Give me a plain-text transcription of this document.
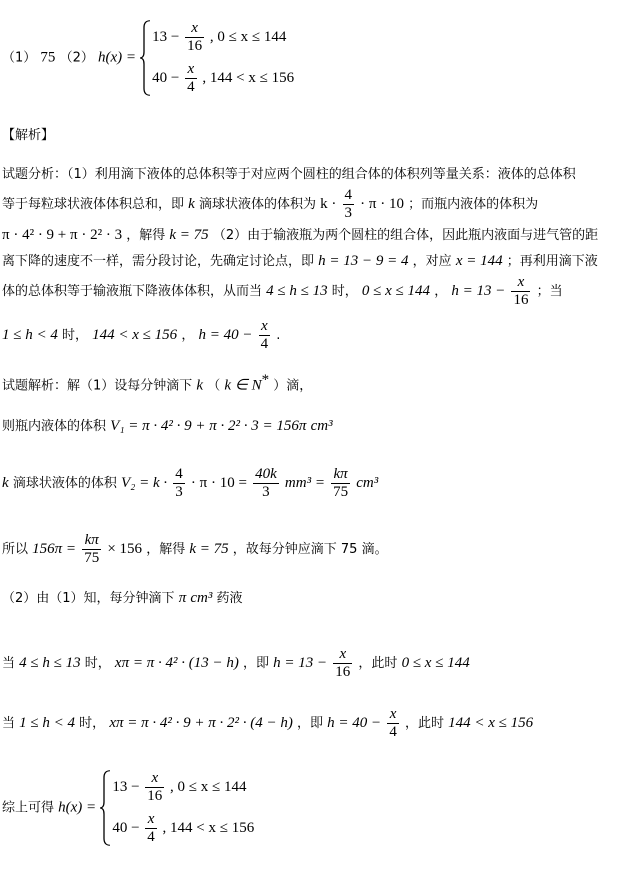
（1） 75 （2） h(x) =
$13 - \frac{x}{16}$ , 0 ≤ x ≤ 144
$40 - \frac{x}{4}$ , 144 < x ≤ 156
【解析】
试题分析：（1）利用滴下液体的总体积等于对应两个圆柱的组合体的体积列等量关系：液体的总体积
等于每粒球状液体体积总和，即 k 滴球状液体的体积为 $k \cdot \frac{4}{3} \cdot \pi \cdot 10$ ；而瓶内液体的体积为
π · 4² · 9 + π · 2² · 3 ，解得 k = 75 （2）由于输液瓶为两个圆柱的组合体，因此瓶内液面与进气管的距
离下降的速度不一样，需分段讨论，先确定讨论点，即 h = 13 − 9 = 4 ，对应 x = 144 ；再利用滴下液
体的总体积等于输液瓶下降液体体积，从而当 4 ≤ h ≤ 13 时， 0 ≤ x ≤ 144 ， $h = 13 - \frac{x}{16}$ ；当
1 ≤ h < 4 时， 144 < x ≤ 156 ， $h = 40 - \frac{x}{4}$ .
试题解析：解（1）设每分钟滴下 k （ k ∈ N* ）滴，
则瓶内液体的体积 V₁ = π · 4² · 9 + π · 2² · 3 = 156π cm³
k 滴球状液体的体积 $V_2 = k \cdot \frac{4}{3} \cdot \pi \cdot 10 = \frac{40k}{3} mm^3 = \frac{k\pi}{75} cm^3$
所以 $156\pi = \frac{k\pi}{75} \times 156$ ，解得 k = 75 ，故每分钟应滴下 75 滴。
（2）由（1）知，每分钟滴下 π cm³ 药液
当 4 ≤ h ≤ 13 时， xπ = π · 4² · (13 − h) ，即 $h = 13 - \frac{x}{16}$ ，此时 0 ≤ x ≤ 144
当 1 ≤ h < 4 时， xπ = π · 4² · 9 + π · 2² · (4 − h) ，即 $h = 40 - \frac{x}{4}$ ，此时 144 < x ≤ 156
综上可得 h(x) =
$13 - \frac{x}{16}$ , 0 ≤ x ≤ 144
$40 - \frac{x}{4}$ , 144 < x ≤ 156
